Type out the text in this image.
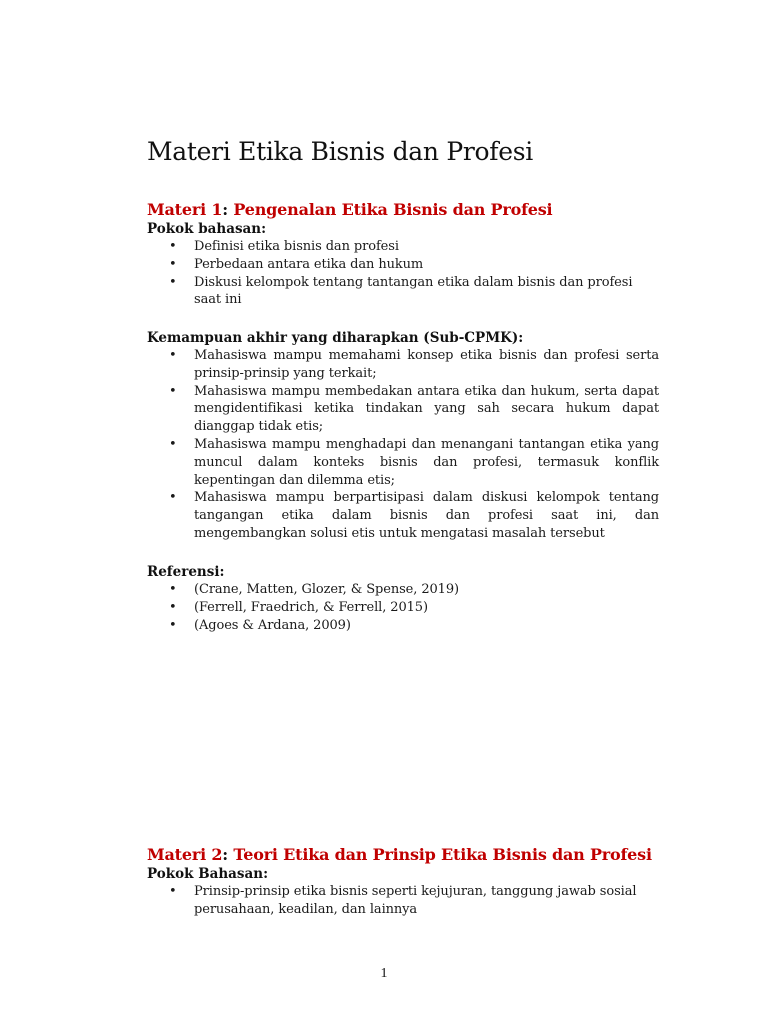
Materi Etika Bisnis dan Profesi
Materi 1: Pengenalan Etika Bisnis dan Profesi

Pokok bahasan:

• Definisi etika bisnis dan profesi
• Perbedaan antara etika dan hukum
• Diskusi kelompok tentang tantangan etika dalam bisnis dan profesi saat ini

Kemampuan akhir yang diharapkan (Sub-CPMK):

• Mahasiswa mampu memahami konsep etika bisnis dan profesi serta prinsip-prinsip yang terkait;
• Mahasiswa mampu membedakan antara etika dan hukum, serta dapat mengidentifikasi ketika tindakan yang sah secara hukum dapat dianggap tidak etis;
• Mahasiswa mampu menghadapi dan menangani tantangan etika yang muncul dalam konteks bisnis dan profesi, termasuk konflik kepentingan dan dilemma etis;
• Mahasiswa mampu berpartisipasi dalam diskusi kelompok tentang tangangan etika dalam bisnis dan profesi saat ini, dan mengembangkan solusi etis untuk mengatasi masalah tersebut

Referensi:

• (Crane, Matten, Glozer, & Spense, 2019)
• (Ferrell, Fraedrich, & Ferrell, 2015)
• (Agoes & Ardana, 2009)
Materi 2: Teori Etika dan Prinsip Etika Bisnis dan Profesi

Pokok Bahasan:

• Prinsip-prinsip etika bisnis seperti kejujuran, tanggung jawab sosial perusahaan, keadilan, dan lainnya
1
